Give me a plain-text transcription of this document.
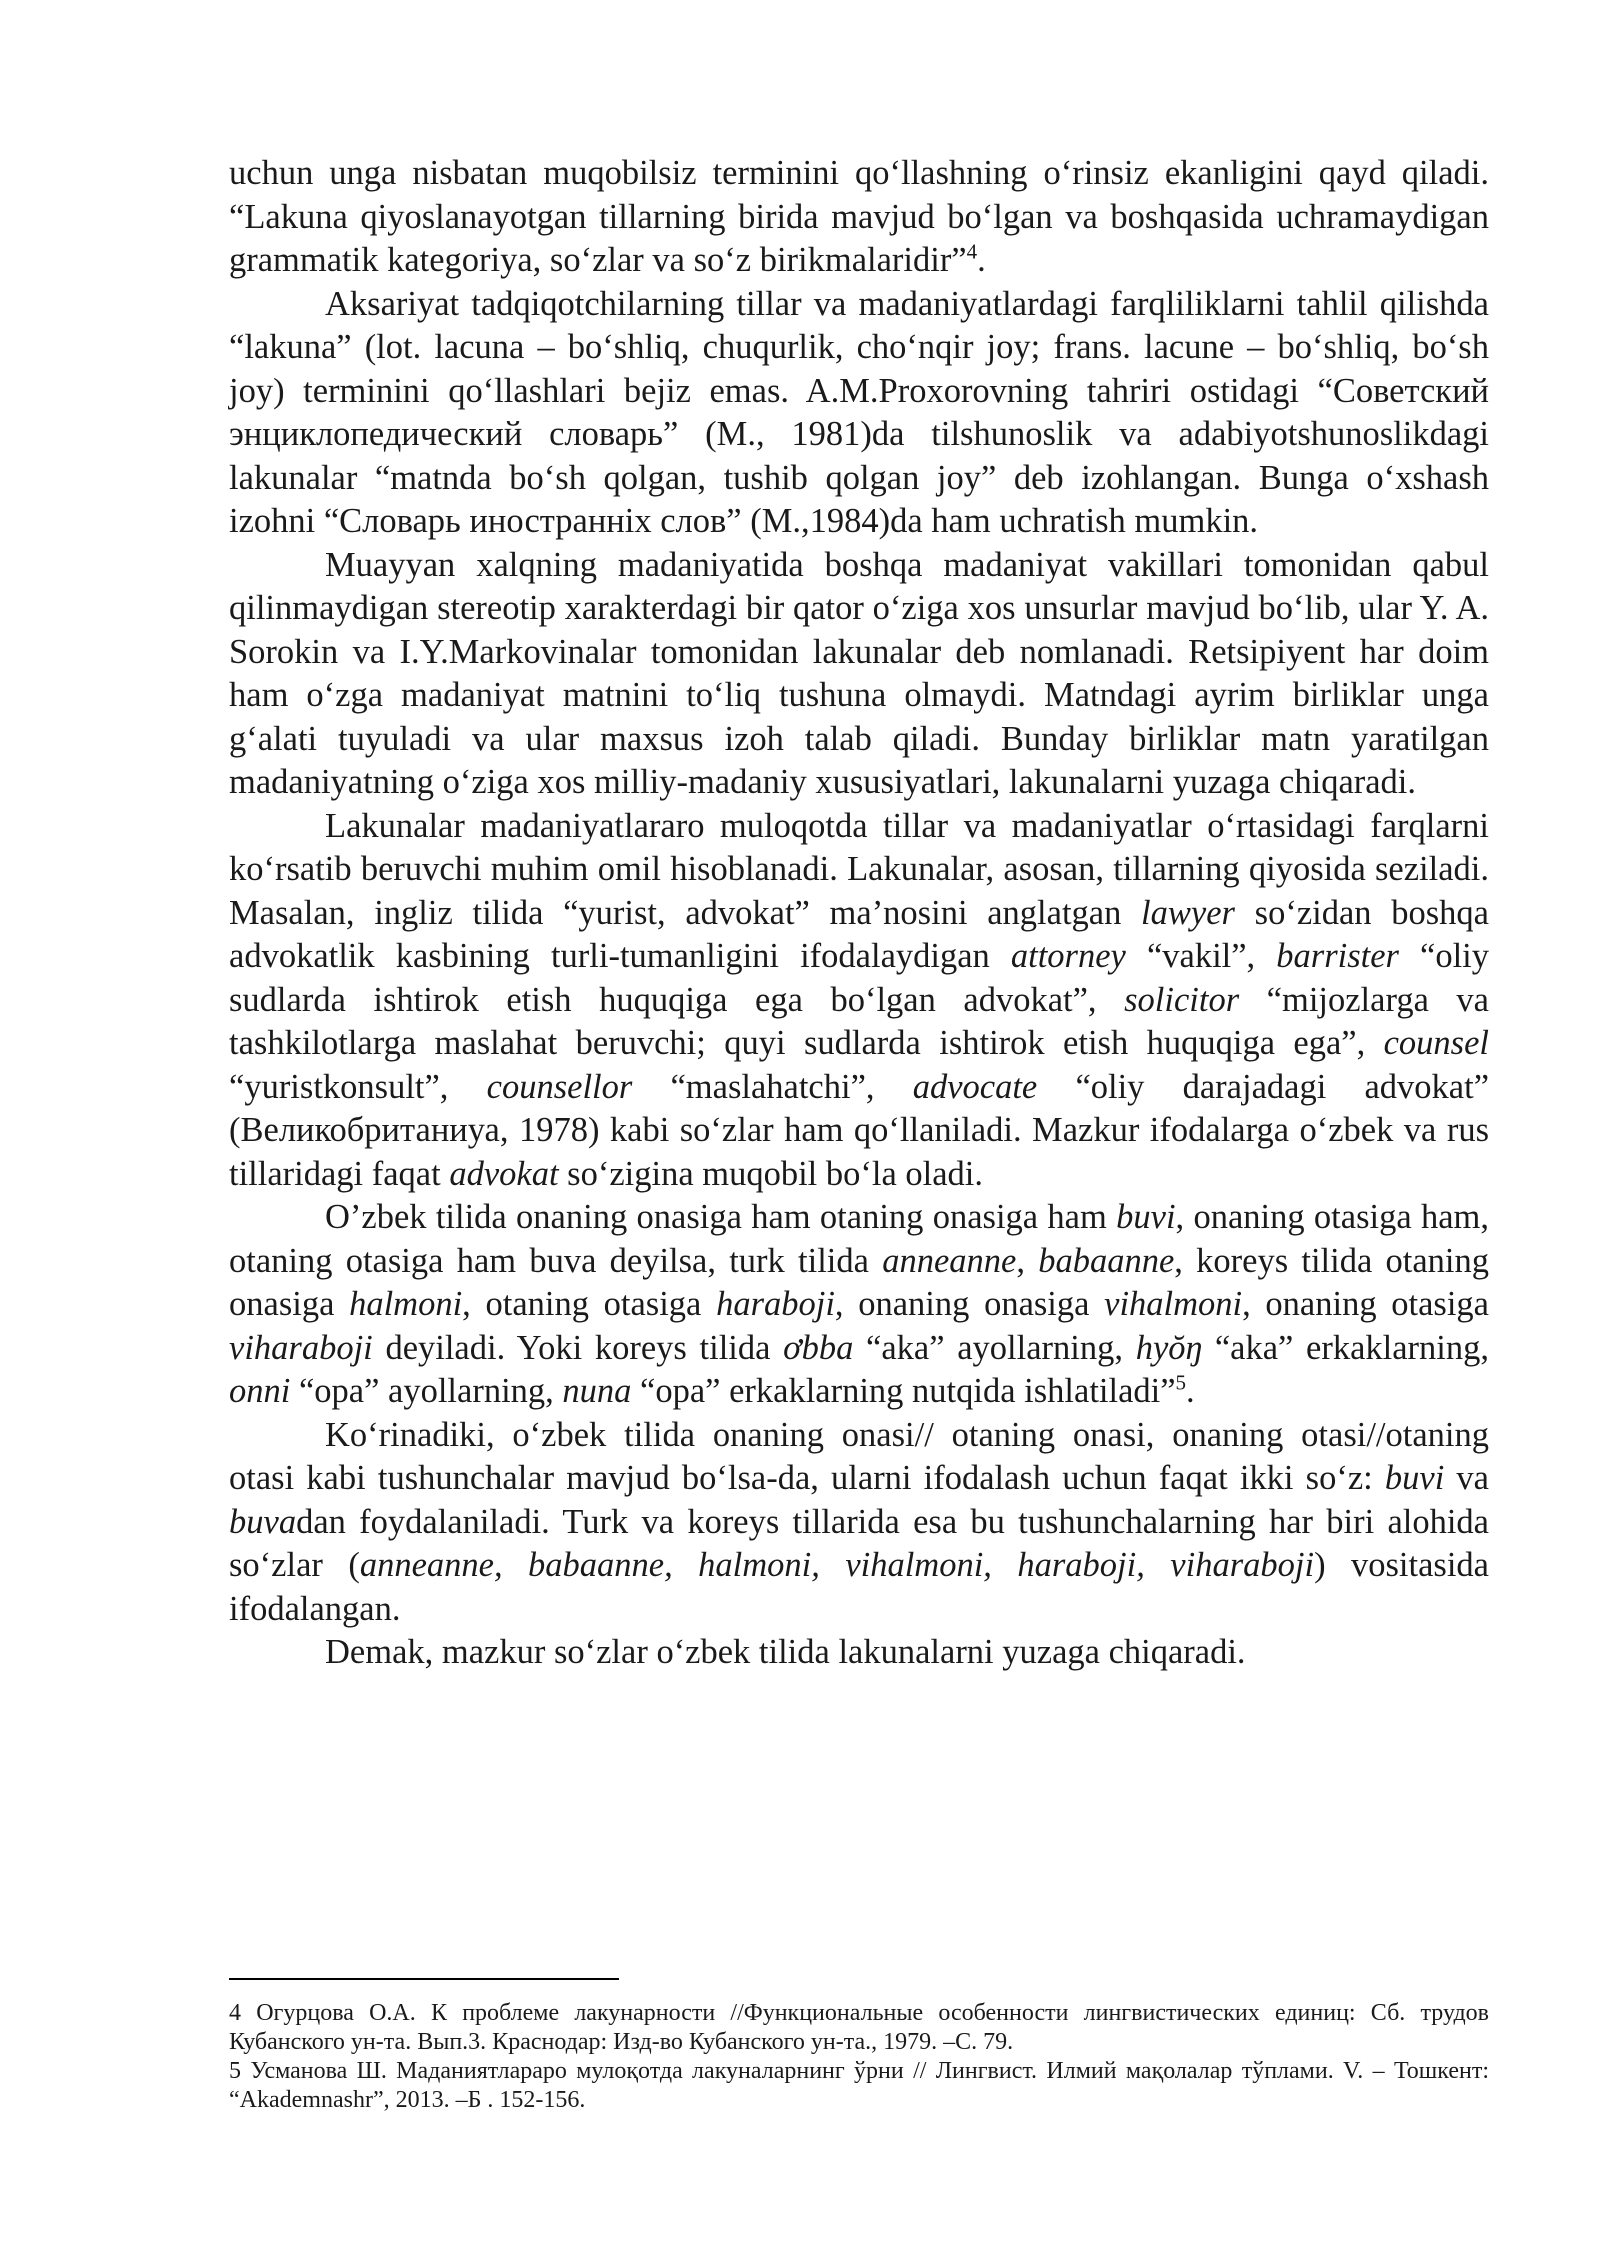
uchun unga nisbatan muqobilsiz terminini qo‘llashning o‘rinsiz ekanligini qayd qiladi. “Lakuna qiyoslanayotgan tillarning birida mavjud bo‘lgan va boshqasida uchramaydigan grammatik kategoriya, so‘zlar va so‘z birikmalaridir”$^4$.

Aksariyat tadqiqotchilarning tillar va madaniyatlardagi farqliliklarni tahlil qilishda “lakuna” (lot. lacuna – bo‘shliq, chuqurlik, cho‘nqir joy; frans. lacune – bo‘shliq, bo‘sh joy) terminini qo‘llashlari bejiz emas. A.M.Proxorovning tahriri ostidagi “Советский энциклопедический словарь” (M., 1981)da tilshunoslik va adabiyotshunoslikdagi lakunalar “matnda bo‘sh qolgan, tushib qolgan joy” deb izohlangan. Bunga o‘xshash izohni “Словарь иностранніх слов” (M.,1984)da ham uchratish mumkin.

Muayyan xalqning madaniyatida boshqa madaniyat vakillari tomonidan qabul qilinmaydigan stereotip xarakterdagi bir qator o‘ziga xos unsurlar mavjud bo‘lib, ular Y. A. Sorokin va I.Y.Markovinalar tomonidan lakunalar deb nomlanadi. Retsipiyent har doim ham o‘zga madaniyat matnini to‘liq tushuna olmaydi. Matndagi ayrim birliklar unga g‘alati tuyuladi va ular maxsus izoh talab qiladi. Bunday birliklar matn yaratilgan madaniyatning o‘ziga xos milliy-madaniy xususiyatlari, lakunalarni yuzaga chiqaradi.

Lakunalar madaniyatlararo muloqotda tillar va madaniyatlar o‘rtasidagi farqlarni ko‘rsatib beruvchi muhim omil hisoblanadi. Lakunalar, asosan, tillarning qiyosida seziladi. Masalan, ingliz tilida “yurist, advokat” ma’nosini anglatgan lawyer so‘zidan boshqa advokatlik kasbining turli-tumanligini ifodalaydigan attorney “vakil”, barrister “oliy sudlarda ishtirok etish huquqiga ega bo‘lgan advokat”, solicitor “mijozlarga va tashkilotlarga maslahat beruvchi; quyi sudlarda ishtirok etish huquqiga ega”, counsel “yuristkonsult”, counsellor “maslahatchi”, advocate “oliy darajadagi advokat” (Великобританиуа, 1978) kabi so‘zlar ham qo‘llaniladi. Mazkur ifodalarga o‘zbek va rus tillaridagi faqat advokat so‘zigina muqobil bo‘la oladi.

O’zbek tilida onaning onasiga ham otaning onasiga ham buvi, onaning otasiga ham, otaning otasiga ham buva deyilsa, turk tilida anneanne, babaanne, koreys tilida otaning onasiga halmoni, otaning otasiga haraboji, onaning onasiga vihalmoni, onaning otasiga viharaboji deyiladi. Yoki koreys tilida ơbba “aka” ayollarning, hyŏŋ “aka” erkaklarning, onni “opa” ayollarning, nuna “opa” erkaklarning nutqida ishlatiladi”$^5$.

Ko‘rinadiki, o‘zbek tilida onaning onasi// otaning onasi, onaning otasi//otaning otasi kabi tushunchalar mavjud bo‘lsa-da, ularni ifodalash uchun faqat ikki so‘z: buvi va buvadan foydalaniladi. Turk va koreys tillarida esa bu tushunchalarning har biri alohida so‘zlar (anneanne, babaanne, halmoni, vihalmoni, haraboji, viharaboji) vositasida ifodalangan.

Demak, mazkur so‘zlar o‘zbek tilida lakunalarni yuzaga chiqaradi.

4 Огурцова О.А. К проблеме лакунарности //Функциональные особенности лингвистических единиц: Сб. трудов Кубанского ун-та. Вып.3. Краснодар: Изд-во Кубанского ун-та., 1979. –С. 79.

5 Усманова Ш. Маданиятлараро мулоқотда лакуналарнинг ўрни // Лингвист. Илмий мақолалар тўплами. V. – Тошкент: “Akademnashr”, 2013. –Б . 152-156.
